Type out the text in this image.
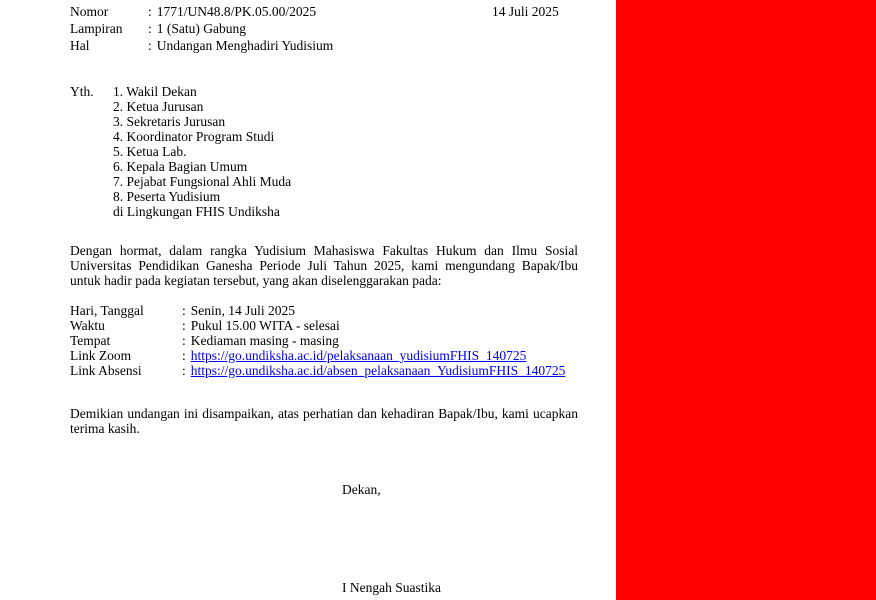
Nomor	: 1771/UN48.8/PK.05.00/2025
Lampiran	: 1 (Satu) Gabung
Hal	: Undangan Menghadiri Yudisium
14 Juli 2025
Yth. 1. Wakil Dekan
2. Ketua Jurusan
3. Sekretaris Jurusan
4. Koordinator Program Studi
5. Ketua Lab.
6. Kepala Bagian Umum
7. Pejabat Fungsional Ahli Muda
8. Peserta Yudisium
di Lingkungan FHIS Undiksha

Dengan hormat, dalam rangka Yudisium Mahasiswa Fakultas Hukum dan Ilmu Sosial Universitas Pendidikan Ganesha Periode Juli Tahun 2025, kami mengundang Bapak/Ibu untuk hadir pada kegiatan tersebut, yang akan diselenggarakan pada:

Hari, Tanggal	: Senin, 14 Juli 2025
Waktu	: Pukul 15.00 WITA - selesai
Tempat	: Kediaman masing - masing
Link Zoom	: https://go.undiksha.ac.id/pelaksanaan_yudisiumFHIS_140725
Link Absensi	: https://go.undiksha.ac.id/absen_pelaksanaan_YudisiumFHIS_140725

Demikian undangan ini disampaikan, atas perhatian dan kehadiran Bapak/Ibu, kami ucapkan terima kasih.

Dekan,
I Nengah Suastika
